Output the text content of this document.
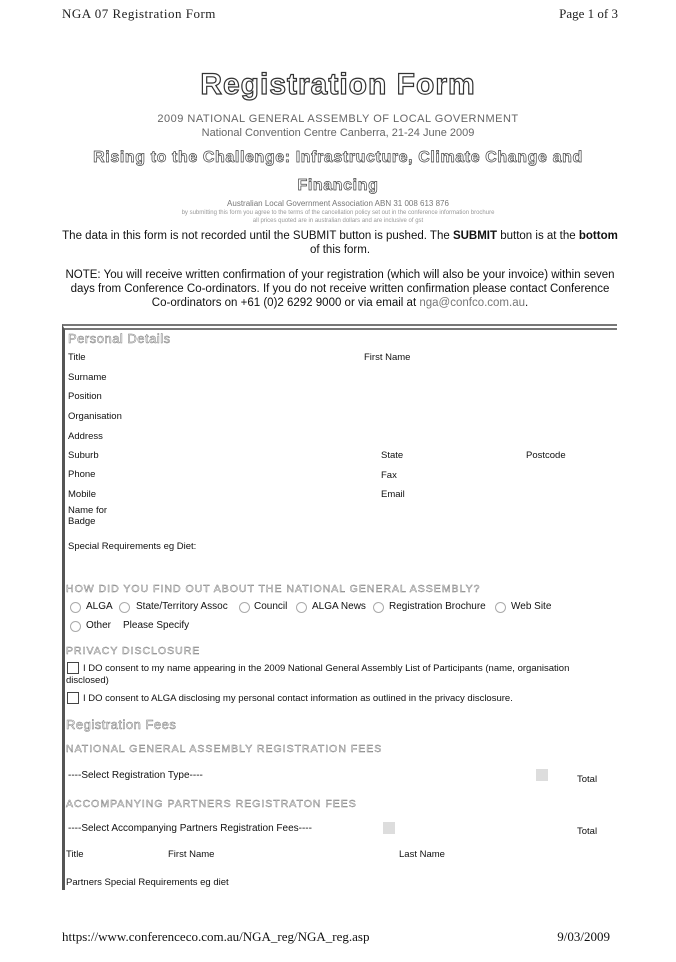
NGA 07 Registration Form	Page 1 of 3
Registration Form
2009 NATIONAL GENERAL ASSEMBLY OF LOCAL GOVERNMENT
National Convention Centre Canberra, 21-24 June 2009
Rising to the Challenge: Infrastructure, Climate Change and
Financing
Australian Local Government Association ABN 31 008 613 876
by submitting this form you agree to the terms of the cancellation policy set out in the conference information brochure
all prices quoted are in australian dollars and are inclusive of gst
The data in this form is not recorded until the SUBMIT button is pushed. The SUBMIT button is at the bottom of this form.
NOTE: You will receive written confirmation of your registration (which will also be your invoice) within seven days from Conference Co-ordinators. If you do not receive written confirmation please contact Conference Co-ordinators on +61 (0)2 6292 9000 or via email at nga@confco.com.au.
Personal Details
Title	First Name
Surname
Position
Organisation
Address
Suburb	State	Postcode
Phone	Fax
Mobile	Email
Name for
Badge
Special Requirements eg Diet:
HOW DID YOU FIND OUT ABOUT THE NATIONAL GENERAL ASSEMBLY?
ALGA State/Territory Assoc	Council ALGA News Registration Brochure	Web Site
Other Please Specify
PRIVACY DISCLOSURE
I DO consent to my name appearing in the 2009 National General Assembly List of Participants (name, organisation
disclosed)
I DO consent to ALGA disclosing my personal contact information as outlined in the privacy disclosure.
Registration Fees
NATIONAL GENERAL ASSEMBLY REGISTRATION FEES
----Select Registration Type----	Total
ACCOMPANYING PARTNERS REGISTRATON FEES
----Select Accompanying Partners Registration Fees----	Total
Title	First Name	Last Name
Partners Special Requirements eg diet
https://www.conferenceco.com.au/NGA_reg/NGA_reg.asp	9/03/2009
